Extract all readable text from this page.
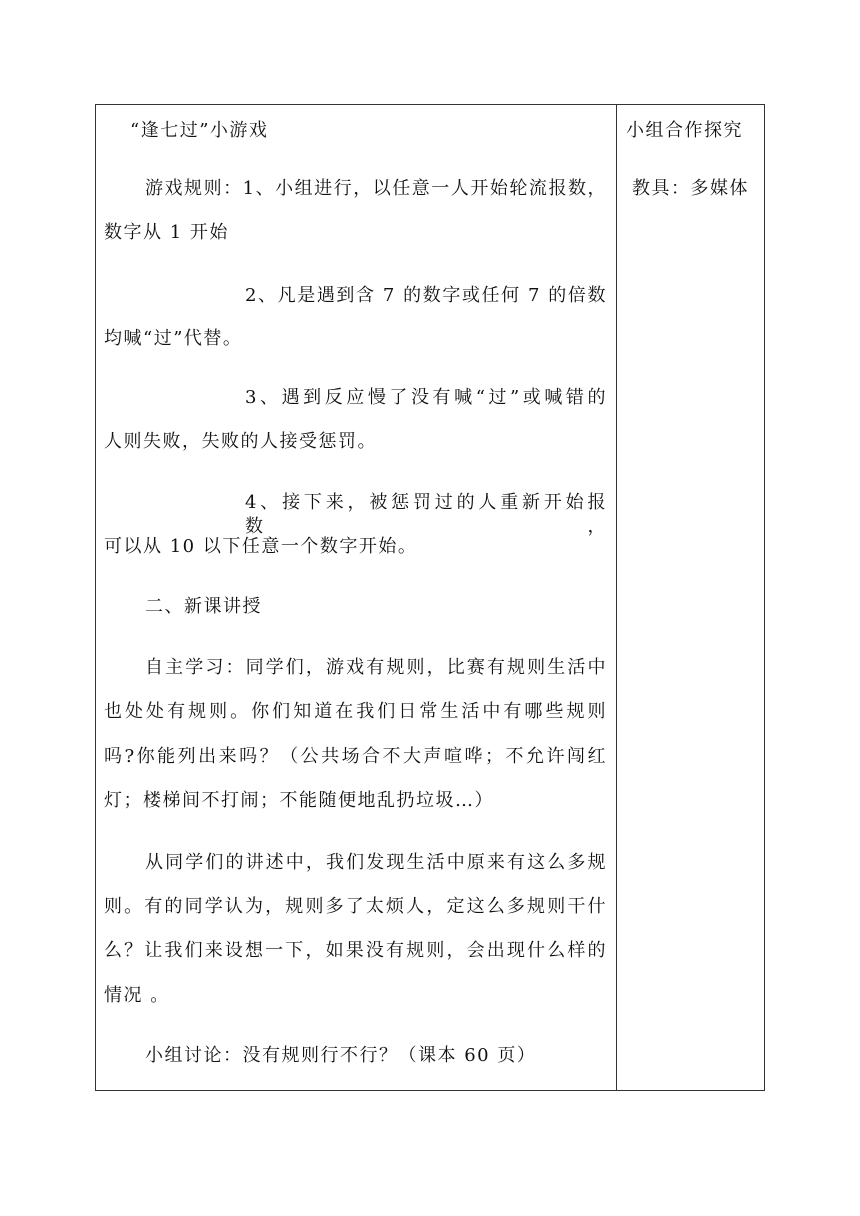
“逢七过”小游戏
游戏规则：1、小组进行，以任意一人开始轮流报数，
数字从 1 开始
2、凡是遇到含 7 的数字或任何 7 的倍数
均喊“过”代替。
3、遇到反应慢了没有喊“过”或喊错的
人则失败，失败的人接受惩罚。
4、接下来，被惩罚过的人重新开始报数，
可以从 10 以下任意一个数字开始。
二、新课讲授
自主学习：同学们，游戏有规则，比赛有规则生活中
也处处有规则。你们知道在我们日常生活中有哪些规则
吗?你能列出来吗？（公共场合不大声喧哗；不允许闯红
灯；楼梯间不打闹；不能随便地乱扔垃圾…）
从同学们的讲述中，我们发现生活中原来有这么多规
则。有的同学认为，规则多了太烦人，定这么多规则干什
么？让我们来设想一下，如果没有规则，会出现什么样的
情况 。
小组讨论：没有规则行不行？（课本 60 页）
小组合作探究
教具：多媒体
